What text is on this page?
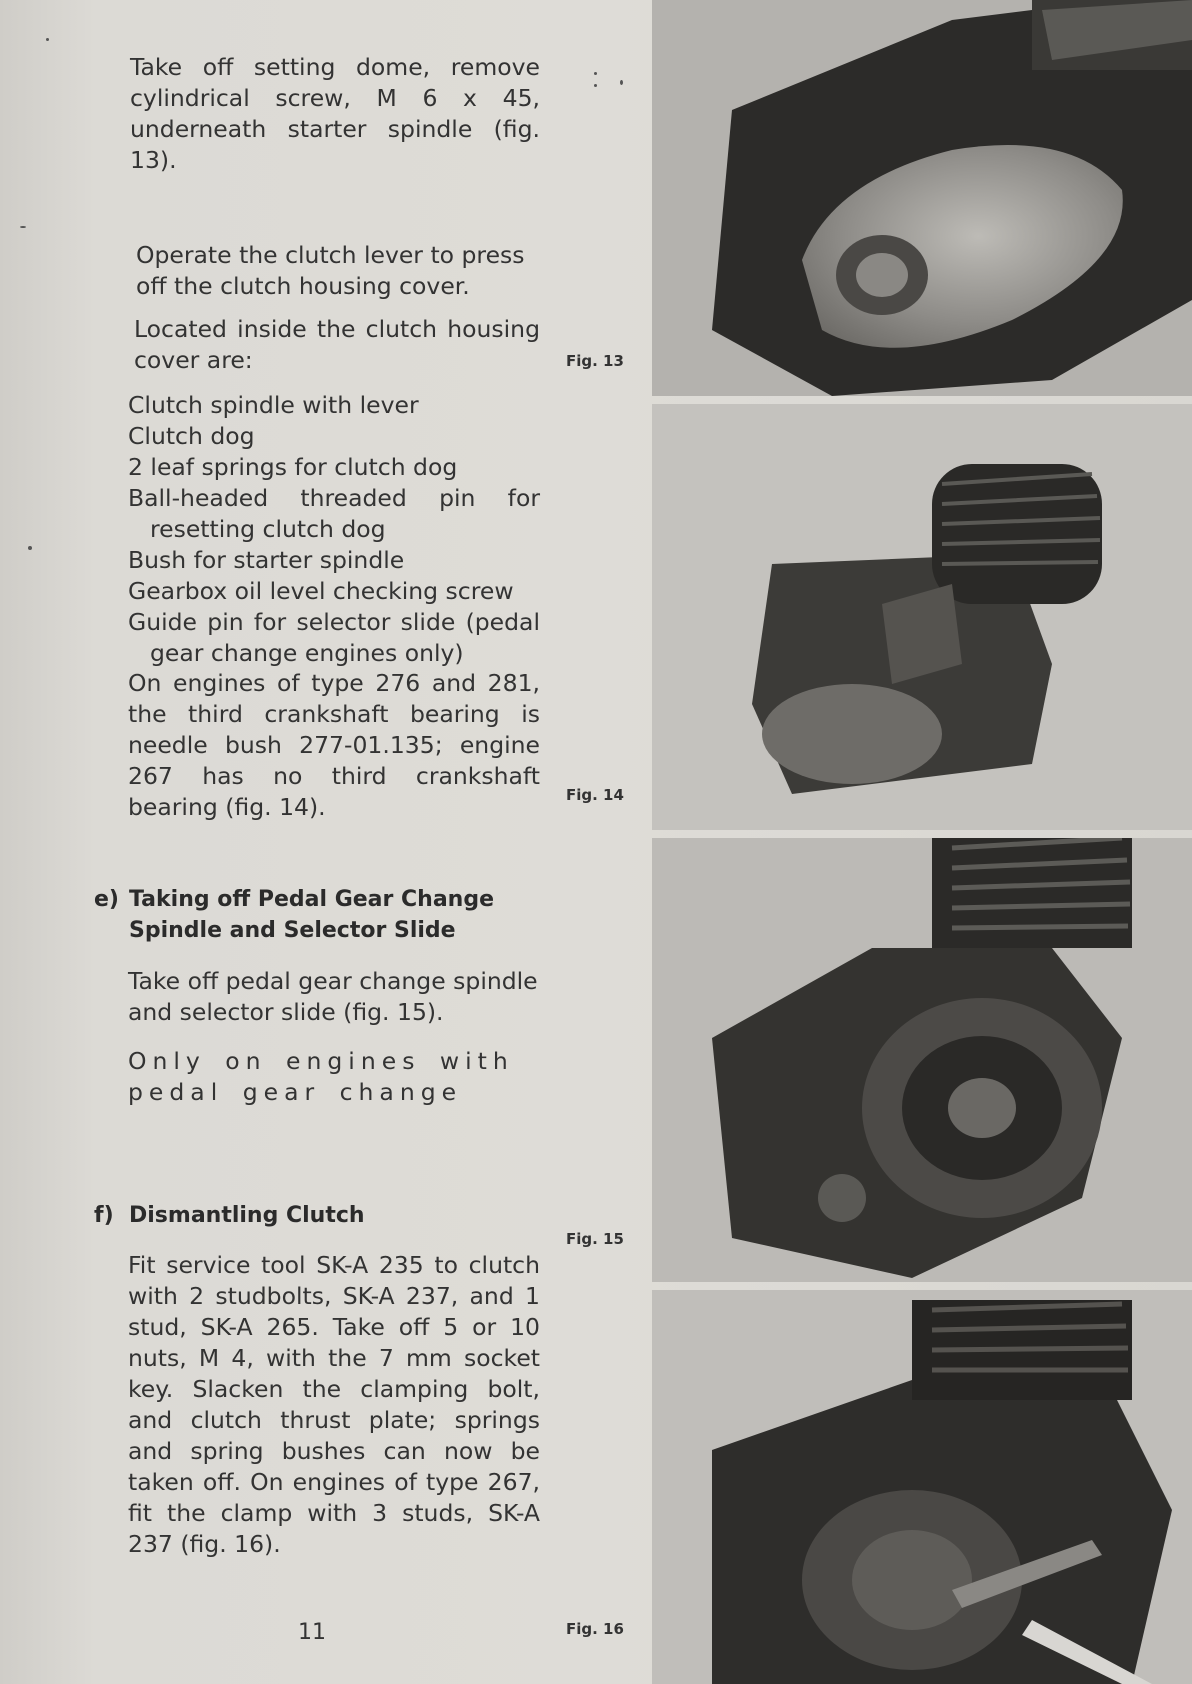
Take off setting dome, remove cylindrical screw, M 6 x 45, underneath starter spindle (fig. 13).

Operate the clutch lever to press off the clutch housing cover.

Located inside the clutch housing cover are:

Clutch spindle with lever
Clutch dog
2 leaf springs for clutch dog
Ball-headed threaded pin for resetting clutch dog
Bush for starter spindle
Gearbox oil level checking screw
Guide pin for selector slide (pedal gear change engines only)

On engines of type 276 and 281, the third crankshaft bearing is needle bush 277-01.135; engine 267 has no third crankshaft bearing (fig. 14).

e) Taking off Pedal Gear Change Spindle and Selector Slide

Take off pedal gear change spindle and selector slide (fig. 15).

Only on engines with pedal gear change

f) Dismantling Clutch

Fit service tool SK-A 235 to clutch with 2 studbolts, SK-A 237, and 1 stud, SK-A 265. Take off 5 or 10 nuts, M 4, with the 7 mm socket key. Slacken the clamping bolt, and clutch thrust plate; springs and spring bushes can now be taken off. On engines of type 267, fit the clamp with 3 studs, SK-A 237 (fig. 16).

11
Fig. 13
Fig. 14
Fig. 15
Fig. 16
